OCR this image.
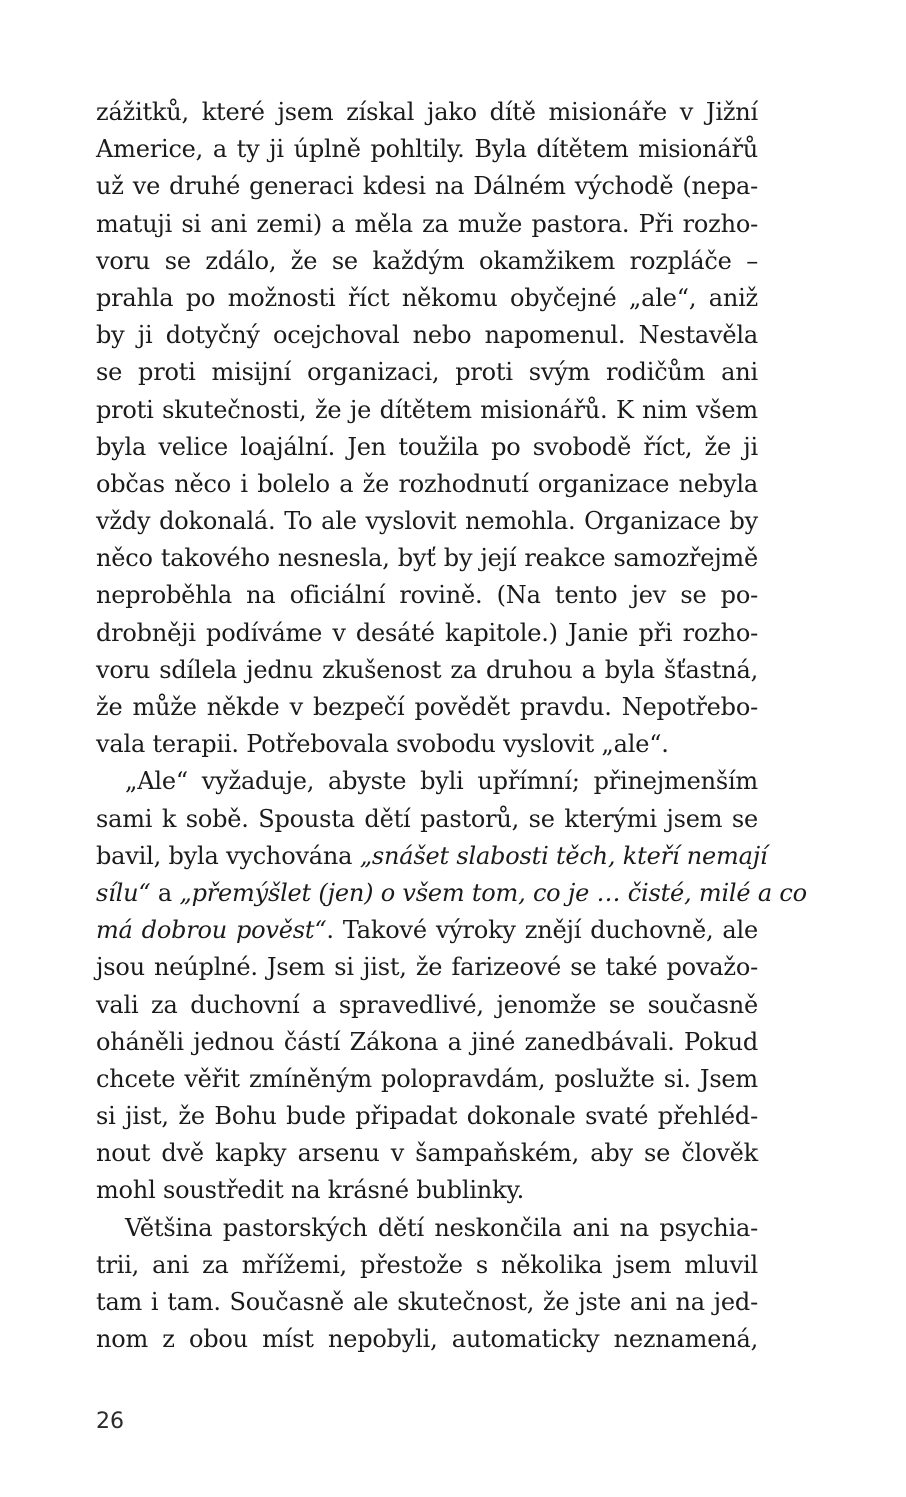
zážitků, které jsem získal jako dítě misionáře v Jižní
Americe, a ty ji úplně pohltily. Byla dítětem misionářů
už ve druhé generaci kdesi na Dálném východě (nepa-
matuji si ani zemi) a měla za muže pastora. Při rozho-
voru se zdálo, že se každým okamžikem rozpláče –
prahla po možnosti říct někomu obyčejné „ale“, aniž
by ji dotyčný ocejchoval nebo napomenul. Nestavěla
se proti misijní organizaci, proti svým rodičům ani
proti skutečnosti, že je dítětem misionářů. K nim všem
byla velice loajální. Jen toužila po svobodě říct, že ji
občas něco i bolelo a že rozhodnutí organizace nebyla
vždy dokonalá. To ale vyslovit nemohla. Organizace by
něco takového nesnesla, byť by její reakce samozřejmě
neproběhla na oficiální rovině. (Na tento jev se po-
drobněji podíváme v desáté kapitole.) Janie při rozho-
voru sdílela jednu zkušenost za druhou a byla šťastná,
že může někde v bezpečí povědět pravdu. Nepotřebo-
vala terapii. Potřebovala svobodu vyslovit „ale“.
„Ale“ vyžaduje, abyste byli upřímní; přinejmenším
sami k sobě. Spousta dětí pastorů, se kterými jsem se
bavil, byla vychována „snášet slabosti těch, kteří nemají
sílu“ a „přemýšlet (jen) o všem tom, co je … čisté, milé a co
má dobrou pověst“. Takové výroky znějí duchovně, ale
jsou neúplné. Jsem si jist, že farizeové se také považo-
vali za duchovní a spravedlivé, jenomže se současně
oháněli jednou částí Zákona a jiné zanedbávali. Pokud
chcete věřit zmíněným polopravdám, poslužte si. Jsem
si jist, že Bohu bude připadat dokonale svaté přehléd-
nout dvě kapky arsenu v šampaňském, aby se člověk
mohl soustředit na krásné bublinky.
Většina pastorských dětí neskončila ani na psychia-
trii, ani za mřížemi, přestože s několika jsem mluvil
tam i tam. Současně ale skutečnost, že jste ani na jed-
nom z obou míst nepobyli, automaticky neznamená,
26
